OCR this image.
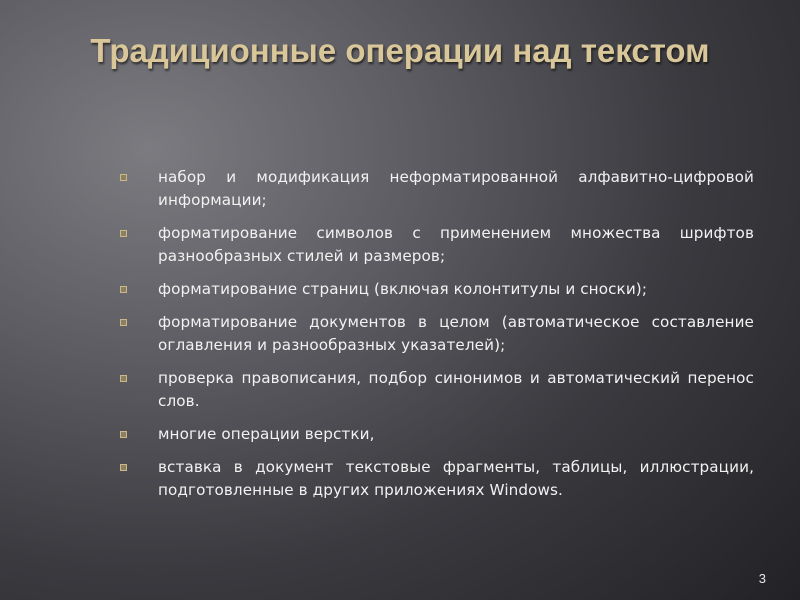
Традиционные операции над текстом
набор и модификация неформатированной алфавитно-цифровой информации;
форматирование символов с применением множества шрифтов разнообразных стилей и размеров;
форматирование страниц (включая колонтитулы и сноски);
форматирование документов в целом (автоматическое составление оглавления и разнообразных указателей);
проверка правописания, подбор синонимов и автоматический перенос слов.
многие операции верстки,
вставка в документ текстовые фрагменты, таблицы, иллюстрации, подготовленные в других приложениях Windows.
3
